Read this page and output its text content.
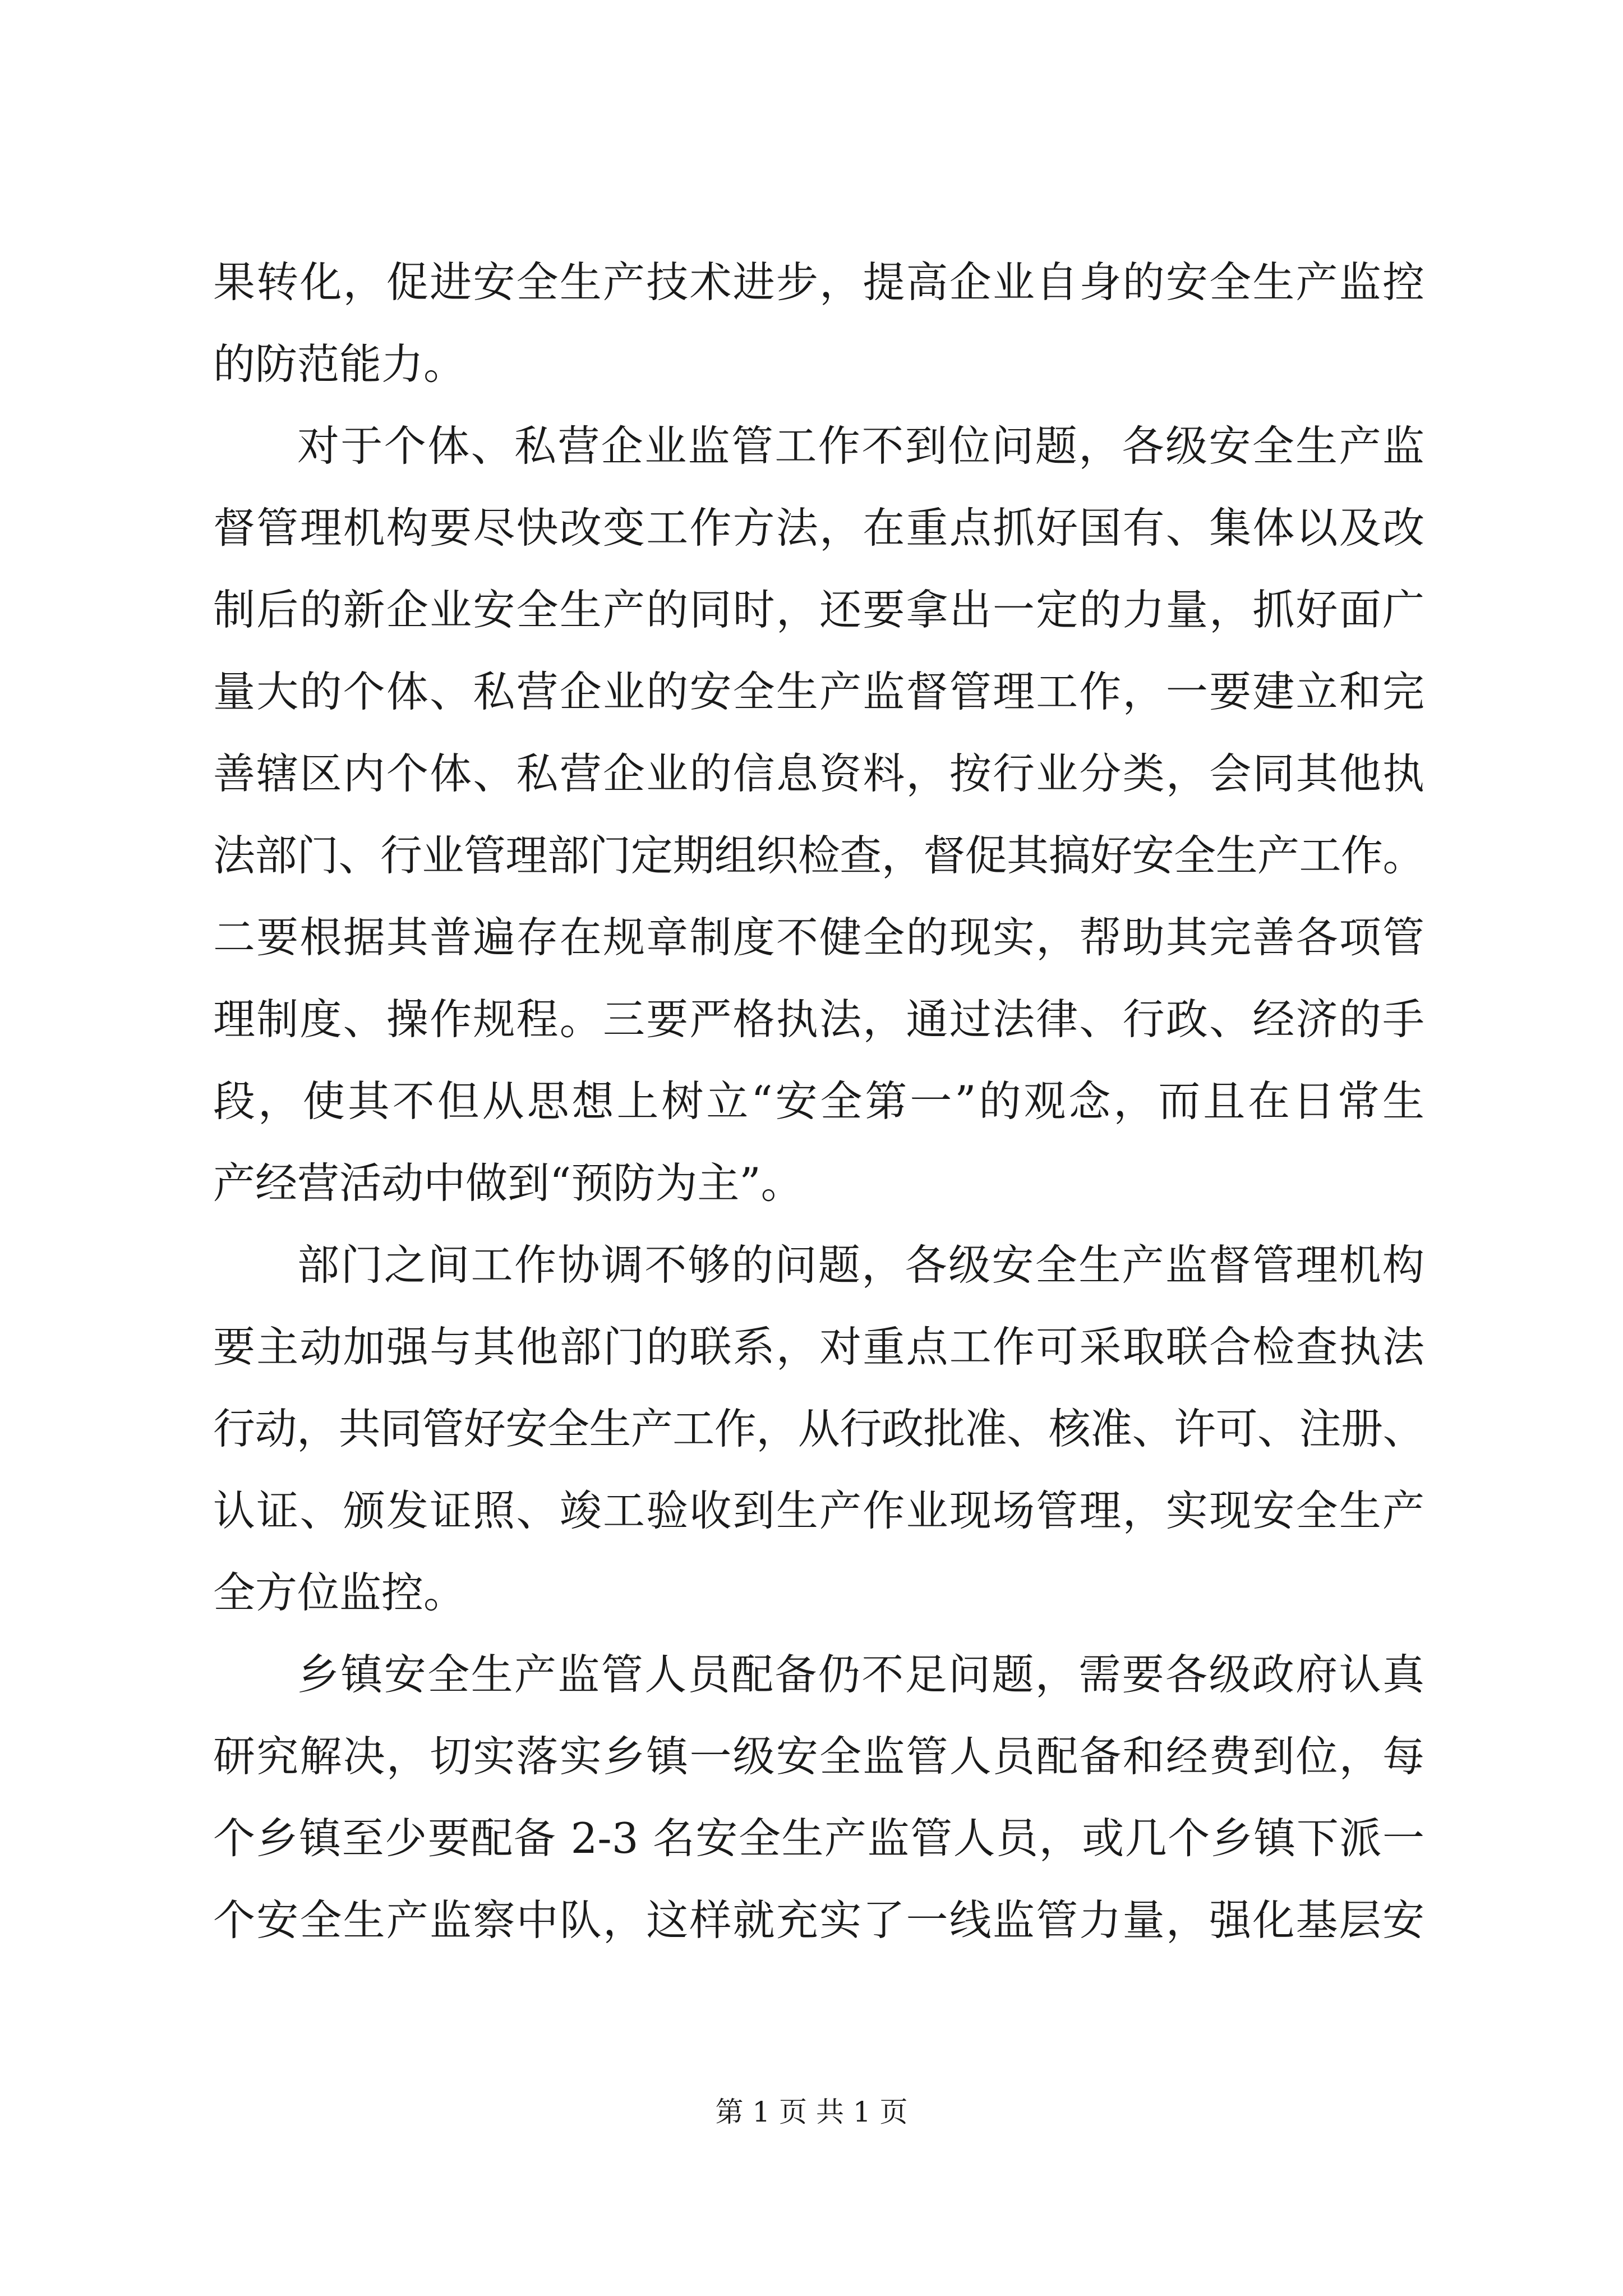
果转化，促进安全生产技术进步，提高企业自身的安全生产监控
的防范能力。
对于个体、私营企业监管工作不到位问题，各级安全生产监
督管理机构要尽快改变工作方法，在重点抓好国有、集体以及改
制后的新企业安全生产的同时，还要拿出一定的力量，抓好面广
量大的个体、私营企业的安全生产监督管理工作，一要建立和完
善辖区内个体、私营企业的信息资料，按行业分类，会同其他执
法部门、行业管理部门定期组织检查，督促其搞好安全生产工作。
二要根据其普遍存在规章制度不健全的现实，帮助其完善各项管
理制度、操作规程。三要严格执法，通过法律、行政、经济的手
段，使其不但从思想上树立“安全第一”的观念，而且在日常生
产经营活动中做到“预防为主”。
部门之间工作协调不够的问题，各级安全生产监督管理机构
要主动加强与其他部门的联系，对重点工作可采取联合检查执法
行动，共同管好安全生产工作，从行政批准、核准、许可、注册、
认证、颁发证照、竣工验收到生产作业现场管理，实现安全生产
全方位监控。
乡镇安全生产监管人员配备仍不足问题，需要各级政府认真
研究解决，切实落实乡镇一级安全监管人员配备和经费到位，每
个乡镇至少要配备 2-3 名安全生产监管人员，或几个乡镇下派一
个安全生产监察中队，这样就充实了一线监管力量，强化基层安
第 1 页 共 1 页
